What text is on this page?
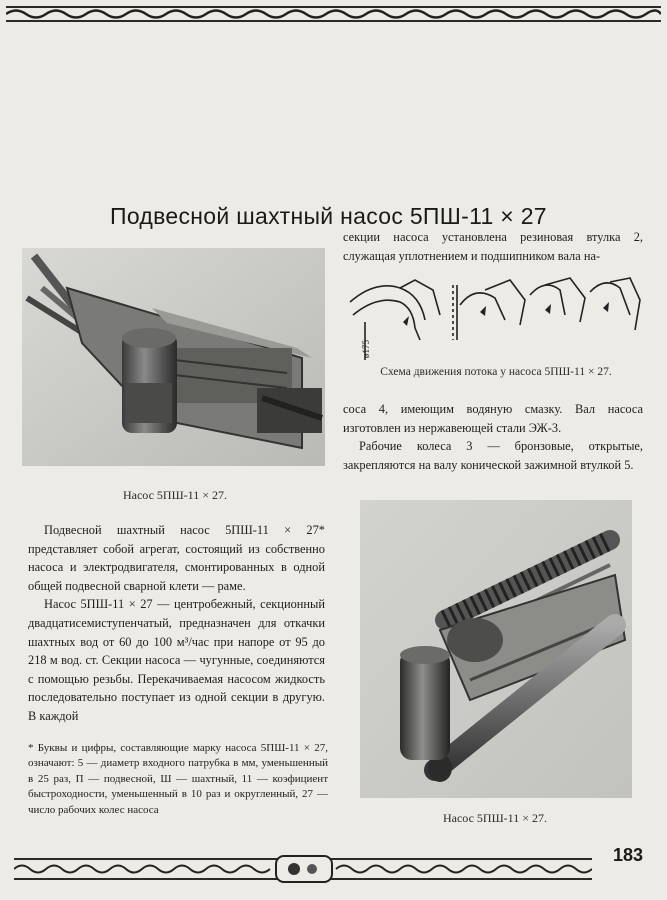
Подвесной шахтный насос 5ПШ-11 × 27
Насос 5ПШ-11 × 27.

Подвесной шахтный насос 5ПШ-11 × 27* представляет собой агрегат, состоящий из собственно насоса и электродвигателя, смонтированных в одной общей подвесной сварной клети — раме.

Насос 5ПШ-11 × 27 — центробежный, секционный двадцатисемиступенчатый, предназначен для откачки шахтных вод от 60 до 100 м³/час при напоре от 95 до 218 м вод. ст. Секции насоса — чугунные, соединяются с помощью резьбы. Перекачиваемая насосом жидкость последовательно поступает из одной секции в другую. В каждой

* Буквы и цифры, составляющие марку насоса 5ПШ-11 × 27, означают: 5 — диаметр входного патрубка в мм, уменьшенный в 25 раз, П — подвесной, Ш — шахтный, 11 — коэфициент быстроходности, уменьшенный в 10 раз и округленный, 27 — число рабочих колес насоса

секции насоса установлена резиновая втулка 2, служащая уплотнением и подшипником вала на-

ø175
Схема движения потока у насоса 5ПШ-11 × 27.

соса 4, имеющим водяную смазку. Вал насоса изготовлен из нержавеющей стали ЭЖ-3.

Рабочие колеса 3 — бронзовые, открытые, закрепляются на валу конической зажимной втулкой 5.

Насос 5ПШ-11 × 27.
183
